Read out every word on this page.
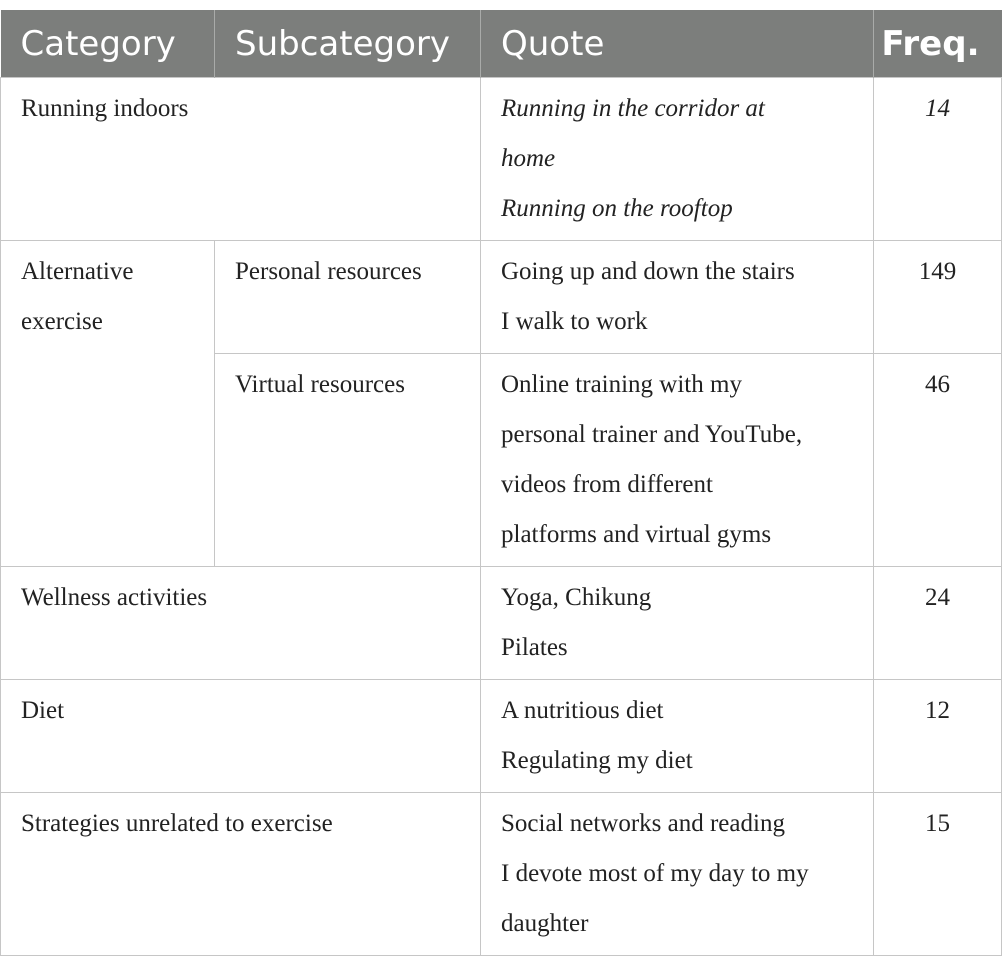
Category	Subcategory	Quote	Freq.
Running indoors		Running in the corridor at
home
Running on the rooftop	14

Alternative
exercise	Personal resources	Going up and down the stairs
I walk to work	149
	Virtual resources	Online training with my
personal trainer and YouTube,
videos from different
platforms and virtual gyms	46
Wellness activities		Yoga, Chikung
Pilates	24
Diet		A nutritious diet
Regulating my diet	12
Strategies unrelated to exercise		Social networks and reading
I devote most of my day to my
daughter	15
